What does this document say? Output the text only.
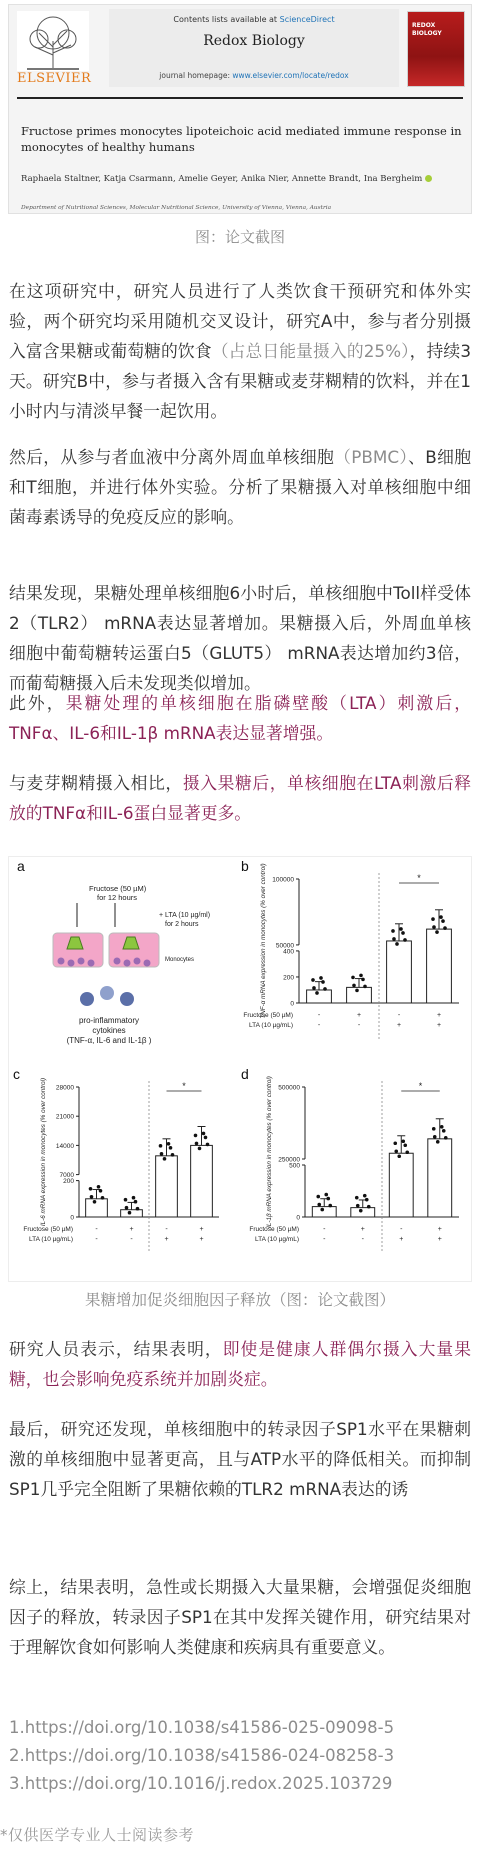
ELSEVIER
Contents lists available at ScienceDirect
Redox Biology
journal homepage: www.elsevier.com/locate/redox
REDOX BIOLOGY
Fructose primes monocytes lipoteichoic acid mediated immune response in monocytes of healthy humans
Raphaela Staltner, Katja Csarmann, Amelie Geyer, Anika Nier, Annette Brandt, Ina Bergheim
Department of Nutritional Sciences, Molecular Nutritional Science, University of Vienna, Vienna, Austria
图：论文截图
在这项研究中，研究人员进行了人类饮食干预研究和体外实验，两个研究均采用随机交叉设计，研究A中，参与者分别摄入富含果糖或葡萄糖的饮食（占总日能量摄入的25%），持续3天。研究B中，参与者摄入含有果糖或麦芽糊精的饮料，并在1小时内与清淡早餐一起饮用。
然后，从参与者血液中分离外周血单核细胞（PBMC）、B细胞和T细胞，并进行体外实验。分析了果糖摄入对单核细胞中细菌毒素诱导的免疫反应的影响。
结果发现，果糖处理单核细胞6小时后，单核细胞中Toll样受体2（TLR2） mRNA表达显著增加。果糖摄入后，外周血单核细胞中葡萄糖转运蛋白5（GLUT5） mRNA表达增加约3倍，而葡萄糖摄入后未发现类似增加。
此外，果糖处理的单核细胞在脂磷壁酸（LTA）刺激后，TNFα、IL-6和IL-1β mRNA表达显著增强。
与麦芽糊精摄入相比，摄入果糖后，单核细胞在LTA刺激后释放的TNFα和IL-6蛋白显著更多。
a
Fructose (50 µM)
for 12 hours
+ LTA (10 µg/ml)
for 2 hours
Monocytes
pro-inflammatory
cytokines
(TNF-α, IL-6 and IL-1β )
b
0
200
400
50000
100000
TNF-α mRNA expression in monocytes (% over control)	*
Fructose (50 µM)
LTA (10 µg/mL)
-	+	-	+
-	-	+	+
c
0
200
7000
14000
21000
28000
IL-6 mRNA expression in monocytes (% over control)	*
Fructose (50 µM)
LTA (10 µg/mL)
-	+	-	+
-	-	+	+
d
0
500
250000
500000
IL-1β mRNA expression in monocytes (% over control)	*
Fructose (50 µM)
LTA (10 µg/mL)
-	+	-	+
-	-	+	+
果糖增加促炎细胞因子释放（图：论文截图）
研究人员表示，结果表明，即使是健康人群偶尔摄入大量果糖，也会影响免疫系统并加剧炎症。
最后，研究还发现，单核细胞中的转录因子SP1水平在果糖刺激的单核细胞中显著更高，且与ATP水平的降低相关。而抑制SP1几乎完全阻断了果糖依赖的TLR2 mRNA表达的诱
综上，结果表明，急性或长期摄入大量果糖，会增强促炎细胞因子的释放，转录因子SP1在其中发挥关键作用，研究结果对于理解饮食如何影响人类健康和疾病具有重要意义。
1.https://doi.org/10.1038/s41586-025-09098-5
2.https://doi.org/10.1038/s41586-024-08258-3
3.https://doi.org/10.1016/j.redox.2025.103729
*仅供医学专业人士阅读参考
